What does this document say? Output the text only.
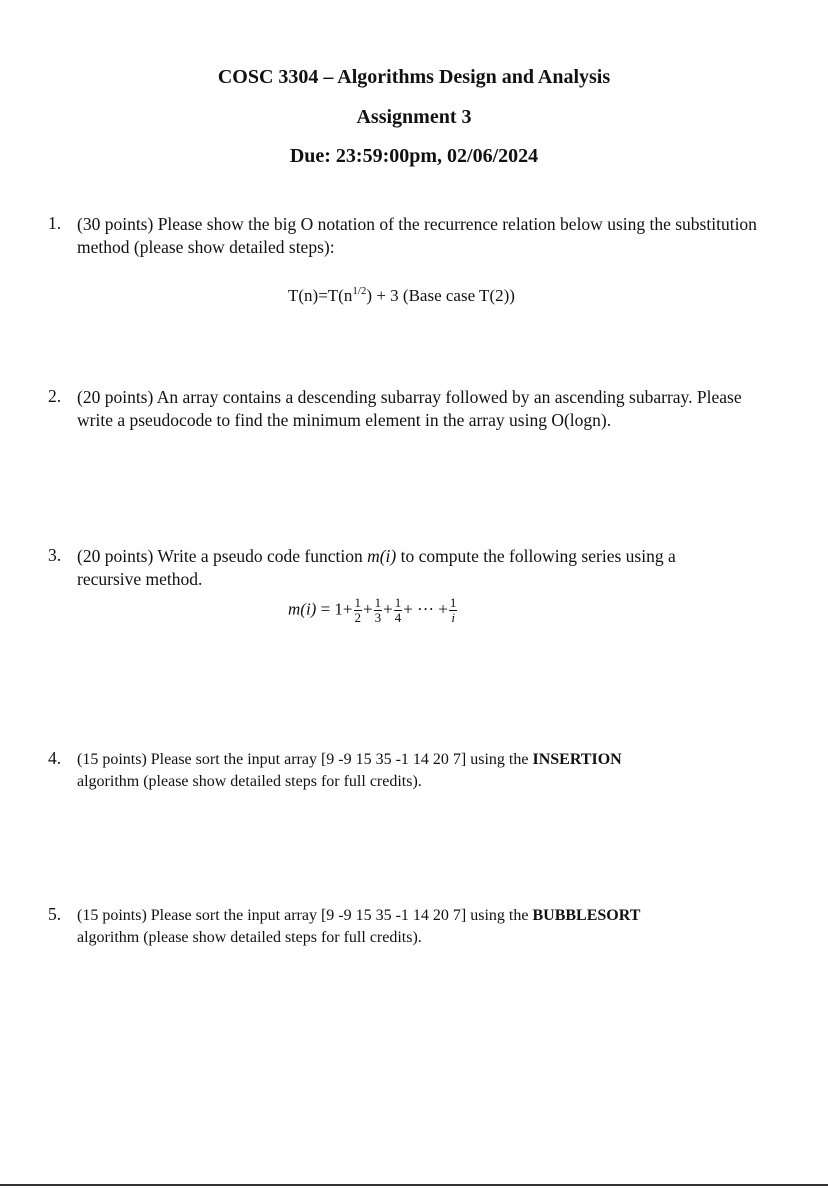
COSC 3304 – Algorithms Design and Analysis
Assignment 3
Due: 23:59:00pm, 02/06/2024
1. (30 points) Please show the big O notation of the recurrence relation below using the substitution method (please show detailed steps):
$T(n)=T(n^{1/2}) + 3$ (Base case T(2))
2. (20 points) An array contains a descending subarray followed by an ascending subarray. Please write a pseudocode to find the minimum element in the array using O(logn).
3. (20 points) Write a pseudo code function m(i) to compute the following series using a recursive method.
$m(i) = 1+ \frac{1}{2} + \frac{1}{3} + \frac{1}{4}$ + ··· + $\frac{1}{i}$
4. (15 points) Please sort the input array [9 -9 15 35 -1 14 20 7] using the INSERTION algorithm (please show detailed steps for full credits).
5. (15 points) Please sort the input array [9 -9 15 35 -1 14 20 7] using the BUBBLESORT algorithm (please show detailed steps for full credits).
